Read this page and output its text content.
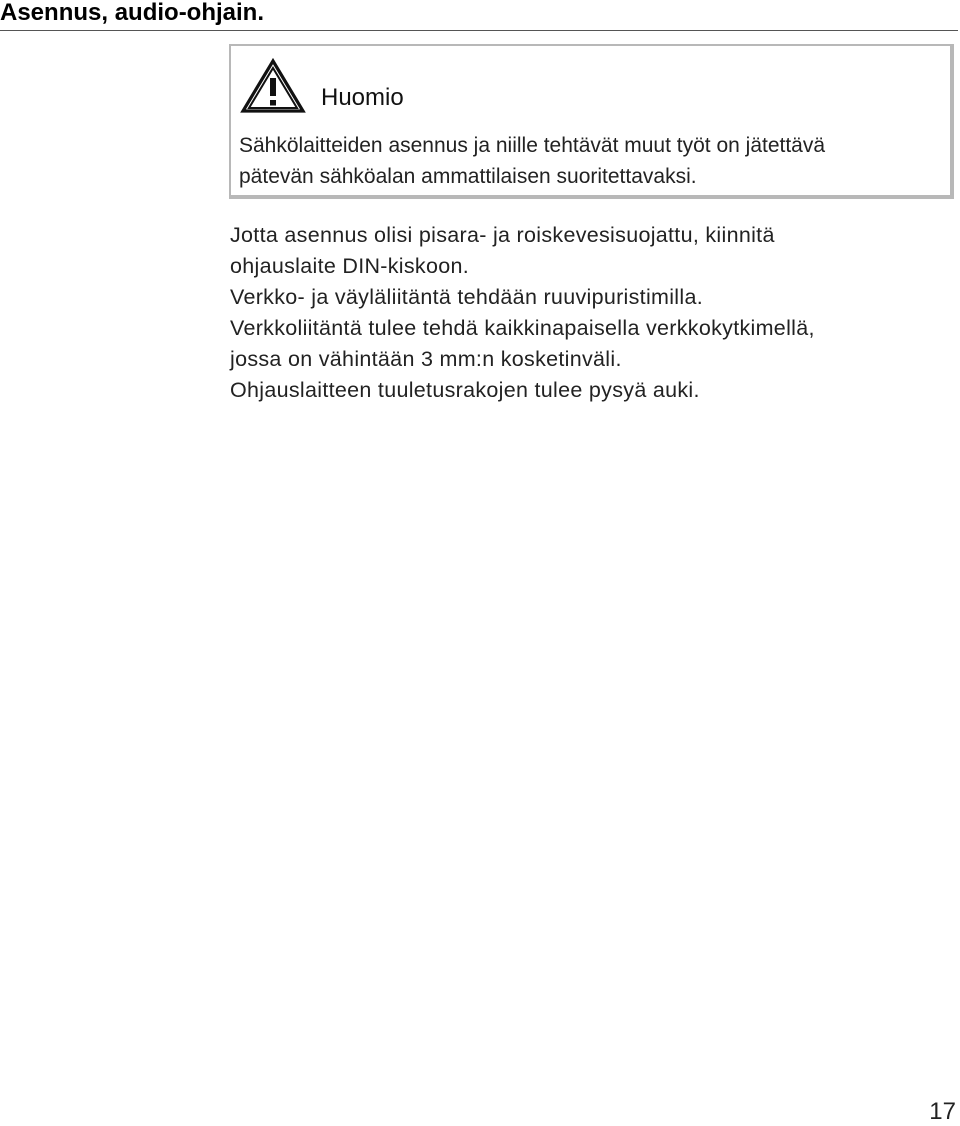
Asennus, audio-ohjain.
Huomio

Sähkölaitteiden asennus ja niille tehtävät muut työt on jätettävä
pätevän sähköalan ammattilaisen suoritettavaksi.

Jotta asennus olisi pisara- ja roiskevesisuojattu, kiinnitä
ohjauslaite DIN-kiskoon.
Verkko- ja väyläliitäntä tehdään ruuvipuristimilla.
Verkkoliitäntä tulee tehdä kaikkinapaisella verkkokytkimellä,
jossa on vähintään 3 mm:n kosketinväli.
Ohjauslaitteen tuuletusrakojen tulee pysyä auki.

17
